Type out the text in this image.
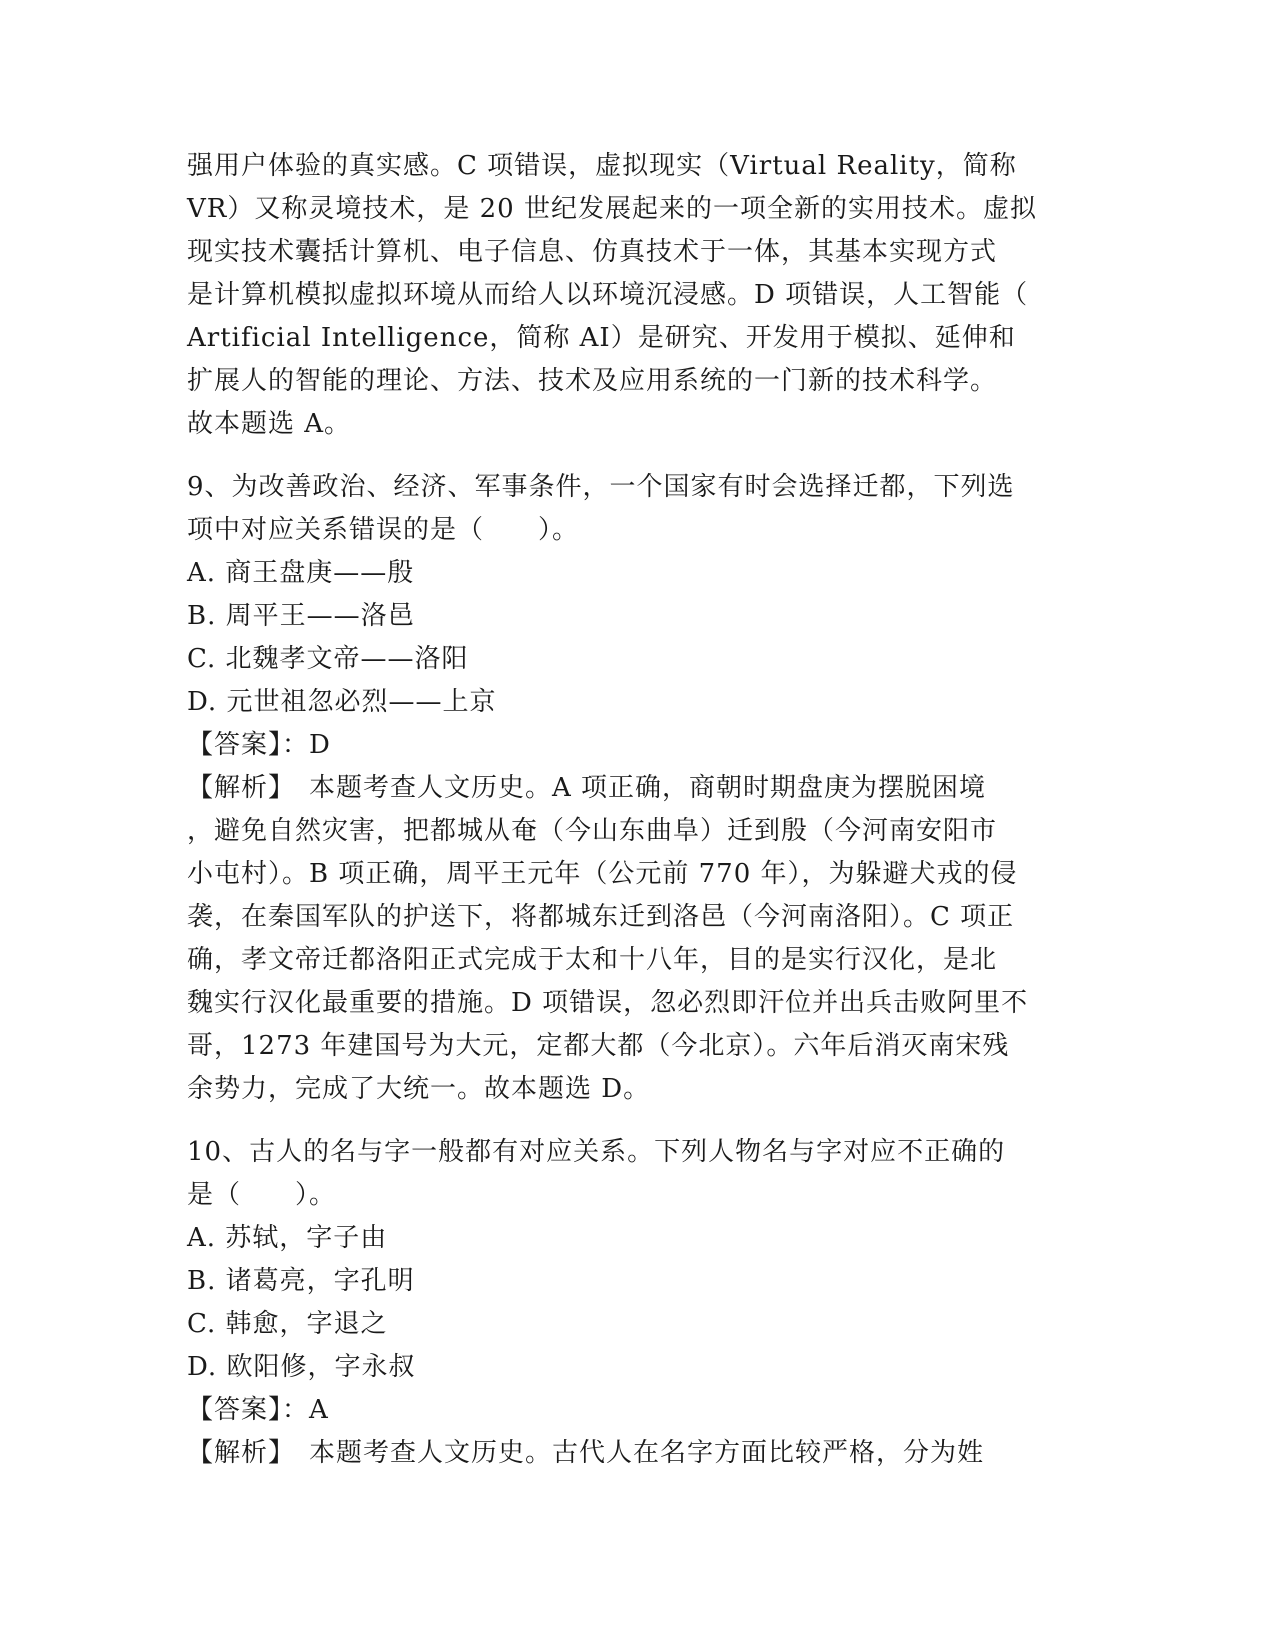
强用户体验的真实感。C 项错误，虚拟现实（Virtual Reality，简称
VR）又称灵境技术，是 20 世纪发展起来的一项全新的实用技术。虚拟
现实技术囊括计算机、电子信息、仿真技术于一体，其基本实现方式
是计算机模拟虚拟环境从而给人以环境沉浸感。D 项错误，人工智能（
Artificial Intelligence，简称 AI）是研究、开发用于模拟、延伸和
扩展人的智能的理论、方法、技术及应用系统的一门新的技术科学。
故本题选 A。
9、为改善政治、经济、军事条件，一个国家有时会选择迁都，下列选
项中对应关系错误的是（　　）。
A. 商王盘庚——殷
B. 周平王——洛邑
C. 北魏孝文帝——洛阳
D. 元世祖忽必烈——上京
【答案】：D
【解析】　本题考查人文历史。A 项正确，商朝时期盘庚为摆脱困境
，避免自然灾害，把都城从奄（今山东曲阜）迁到殷（今河南安阳市
小屯村）。B 项正确，周平王元年（公元前 770 年），为躲避犬戎的侵
袭，在秦国军队的护送下，将都城东迁到洛邑（今河南洛阳）。C 项正
确，孝文帝迁都洛阳正式完成于太和十八年，目的是实行汉化，是北
魏实行汉化最重要的措施。D 项错误，忽必烈即汗位并出兵击败阿里不
哥，1273 年建国号为大元，定都大都（今北京）。六年后消灭南宋残
余势力，完成了大统一。故本题选 D。
10、古人的名与字一般都有对应关系。下列人物名与字对应不正确的
是（　　）。
A. 苏轼，字子由
B. 诸葛亮，字孔明
C. 韩愈，字退之
D. 欧阳修，字永叔
【答案】：A
【解析】　本题考查人文历史。古代人在名字方面比较严格，分为姓
